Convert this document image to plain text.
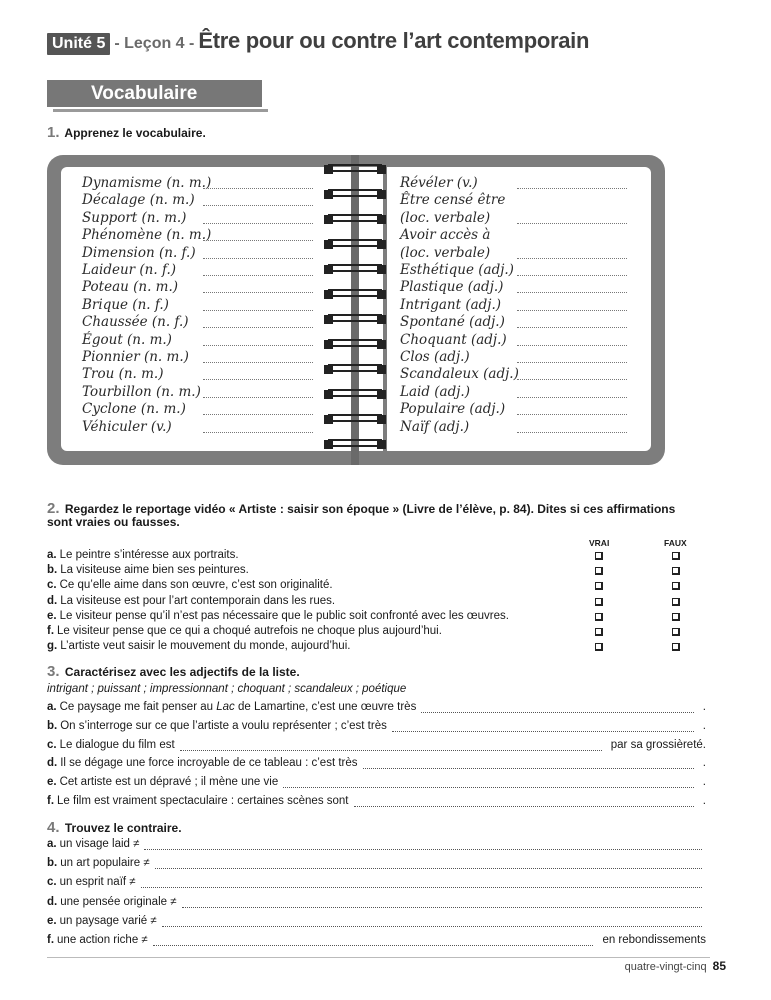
Unité 5 - Leçon 4 - Être pour ou contre l’art contemporain
Vocabulaire
1. Apprenez le vocabulaire.
Dynamisme (n. m.)
Décalage (n. m.)
Support (n. m.)
Phénomène (n. m.)
Dimension (n. f.)
Laideur (n. f.)
Poteau (n. m.)
Brique (n. f.)
Chaussée (n. f.)
Égout (n. m.)
Pionnier (n. m.)
Trou (n. m.)
Tourbillon (n. m.)
Cyclone (n. m.)
Véhiculer (v.)
Révéler (v.)
Être censé être
(loc. verbale)
Avoir accès à
(loc. verbale)
Esthétique (adj.)
Plastique (adj.)
Intrigant (adj.)
Spontané (adj.)
Choquant (adj.)
Clos (adj.)
Scandaleux (adj.)
Laid (adj.)
Populaire (adj.)
Naïf (adj.)
2. Regardez le reportage vidéo « Artiste : saisir son époque » (Livre de l’élève, p. 84). Dites si ces affirmations
sont vraies ou fausses.
VRAI	FAUX
a. Le peintre s’intéresse aux portraits.
b. La visiteuse aime bien ses peintures.
c. Ce qu’elle aime dans son œuvre, c’est son originalité.
d. La visiteuse est pour l’art contemporain dans les rues.
e. Le visiteur pense qu’il n’est pas nécessaire que le public soit confronté avec les œuvres.
f. Le visiteur pense que ce qui a choqué autrefois ne choque plus aujourd’hui.
g. L’artiste veut saisir le mouvement du monde, aujourd’hui.
3. Caractérisez avec les adjectifs de la liste.
intrigant ; puissant ; impressionnant ; choquant ; scandaleux ; poétique
a. Ce paysage me fait penser au Lac de Lamartine, c’est une œuvre très	.
b. On s’interroge sur ce que l’artiste a voulu représenter ; c’est très	.
c. Le dialogue du film est	par sa grossièreté.
d. Il se dégage une force incroyable de ce tableau : c’est très	.
e. Cet artiste est un dépravé ; il mène une vie	.
f. Le film est vraiment spectaculaire : certaines scènes sont	.
4. Trouvez le contraire.
a. un visage laid ≠
b. un art populaire ≠
c. un esprit naïf ≠
d. une pensée originale ≠
e. un paysage varié ≠
f. une action riche ≠	en rebondissements
quatre-vingt-cinq 85
